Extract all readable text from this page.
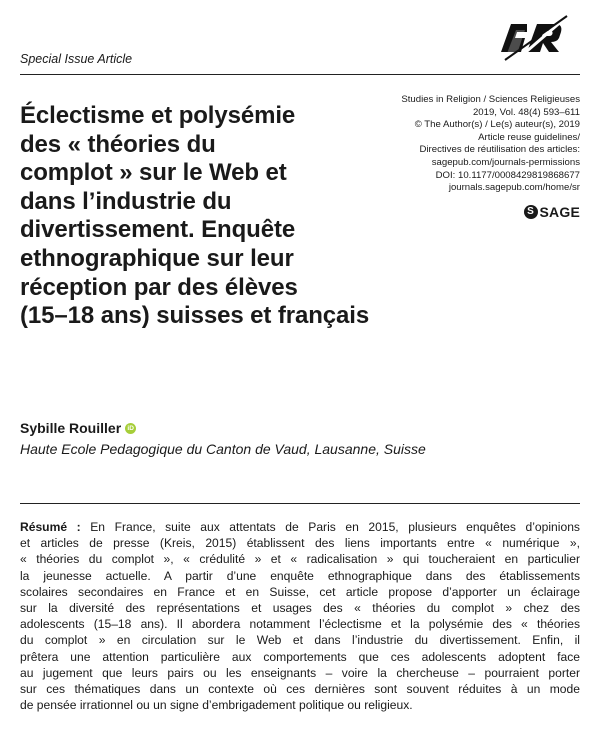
Special Issue Article
Éclectisme et polysémie
des « théories du
complot » sur le Web et
dans l’industrie du
divertissement. Enquête
ethnographique sur leur
réception par des élèves
(15–18 ans) suisses et français
Studies in Religion / Sciences Religieuses
2019, Vol. 48(4) 593–611
© The Author(s) / Le(s) auteur(s), 2019
Article reuse guidelines/
Directives de réutilisation des articles:
sagepub.com/journals-permissions
DOI: 10.1177/0008429819868677
journals.sagepub.com/home/sr
S SAGE
Sybille Rouiller iD
Haute Ecole Pedagogique du Canton de Vaud, Lausanne, Suisse
Résumé : En France, suite aux attentats de Paris en 2015, plusieurs enquêtes d’opinions
et articles de presse (Kreis, 2015) établissent des liens importants entre « numérique »,
« théories du complot », « crédulité » et « radicalisation » qui toucheraient en particulier
la jeunesse actuelle. A partir d’une enquête ethnographique dans des établissements
scolaires secondaires en France et en Suisse, cet article propose d’apporter un éclairage
sur la diversité des représentations et usages des « théories du complot » chez des
adolescents (15–18 ans). Il abordera notamment l’éclectisme et la polysémie des « théories
du complot » en circulation sur le Web et dans l’industrie du divertissement. Enfin, il
prêtera une attention particulière aux comportements que ces adolescents adoptent face
au jugement que leurs pairs ou les enseignants – voire la chercheuse – pourraient porter
sur ces thématiques dans un contexte où ces dernières sont souvent réduites à un mode
de pensée irrationnel ou un signe d’embrigadement politique ou religieux.
